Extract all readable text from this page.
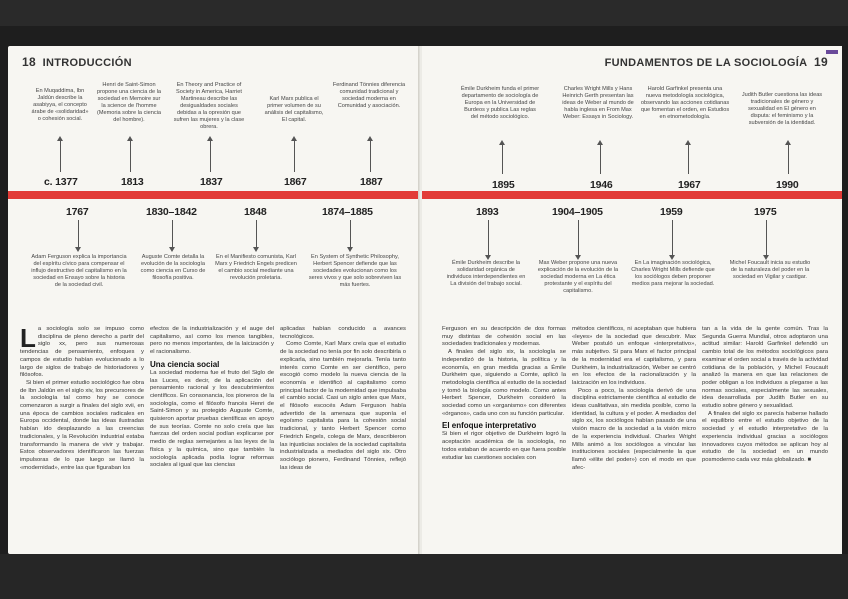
18 INTRODUCCIÓN
En Muqaddima, Ibn Jaldún describe la asabiyya, el concepto árabe de «solidaridad» o cohesión social.
c. 1377
Henri de Saint-Simon propone una ciencia de la sociedad en Memoire sur la science de l'homme (Memoria sobre la ciencia del hombre).
1813
En Theory and Practice of Society in America, Harriet Martineau describe las desigualdades sociales debidas a la opresión que sufren las mujeres y la clase obrera.
1837
Karl Marx publica el primer volumen de su análisis del capitalismo, El capital.
1867
Ferdinand Tönnies diferencia comunidad tradicional y sociedad moderna en Comunidad y asociación.
1887
1767
Adam Ferguson explica la importancia del espíritu cívico para compensar el influjo destructivo del capitalismo en la sociedad en Ensayo sobre la historia de la sociedad civil.
1830–1842
Auguste Comte detalla la evolución de la sociología como ciencia en Curso de filosofía positiva.
1848
En el Manifiesto comunista, Karl Marx y Friedrich Engels predicen el cambio social mediante una revolución proletaria.
1874–1885
En System of Synthetic Philosophy, Herbert Spencer defiende que las sociedades evolucionan como los seres vivos y que solo sobreviven las más fuertes.

La sociología solo se impuso como disciplina de pleno derecho a partir del siglo xx, pero sus numerosas tendencias de pensamiento, enfoques y campos de estudio habían evolucionado a lo largo de siglos de trabajo de historiadores y filósofos.

Si bien el primer estudio sociológico fue obra de Ibn Jaldún en el siglo xiv, los precursores de la sociología tal como hoy se conoce comenzaron a surgir a finales del siglo xvii, en una época de cambios sociales radicales en Europa occidental, donde las ideas ilustradas habían ido desplazando a las creencias tradicionales, y la Revolución industrial estaba transformando la manera de vivir y trabajar. Estos observadores identificaron las fuerzas impulsoras de lo que luego se llamó la «modernidad», entre las que figuraban los

efectos de la industrialización y el auge del capitalismo, así como los menos tangibles, pero no menos importantes, de la laicización y el racionalismo.

Una ciencia social

La sociedad moderna fue el fruto del Siglo de las Luces, es decir, de la aplicación del pensamiento racional y los descubrimientos científicos. En consonancia, los pioneros de la sociología, como el filósofo francés Henri de Saint-Simon y su protegido Auguste Comte, quisieron aportar pruebas científicas en apoyo de sus teorías. Comte no solo creía que las fuerzas del orden social podían explicarse por medio de reglas semejantes a las leyes de la física y la química, sino que también la sociología aplicada podía lograr reformas sociales al igual que las ciencias

aplicadas habían conducido a avances tecnológicos.

Como Comte, Karl Marx creía que el estudio de la sociedad no tenía por fin solo describirla o explicarla, sino también mejorarla. Tenía tanto interés como Comte en ser científico, pero escogió como modelo la nueva ciencia de la economía e identificó al capitalismo como principal factor de la modernidad que impulsaba el cambio social. Casi un siglo antes que Marx, el filósofo escocés Adam Ferguson había advertido de la amenaza que suponía el egoísmo capitalista para la cohesión social tradicional, y tanto Herbert Spencer como Friedrich Engels, colega de Marx, describieron las injusticias sociales de la sociedad capitalista industrializada a mediados del siglo xix. Otro sociólogo pionero, Ferdinand Tönnies, reflejó las ideas de

FUNDAMENTOS DE LA SOCIOLOGÍA 19
Émile Durkheim funda el primer departamento de sociología de Europa en la Universidad de Burdeos y publica Las reglas del método sociológico.
1895
Charles Wright Mills y Hans Heinrich Gerth presentan las ideas de Weber al mundo de habla inglesa en From Max Weber: Essays in Sociology.
1946
Harold Garfinkel presenta una nueva metodología sociológica, observando las acciones cotidianas que fomentan el orden, en Estudios en etnometodología.
1967
Judith Butler cuestiona las ideas tradicionales de género y sexualidad en El género en disputa: el feminismo y la subversión de la identidad.
1990
1893
Émile Durkheim describe la solidaridad orgánica de individuos interdependientes en La división del trabajo social.
1904–1905
Max Weber propone una nueva explicación de la evolución de la sociedad moderna en La ética protestante y el espíritu del capitalismo.
1959
En La imaginación sociológica, Charles Wright Mills defiende que los sociólogos deben proponer medios para mejorar la sociedad.
1975
Michel Foucault inicia su estudio de la naturaleza del poder en la sociedad en Vigilar y castigar.

Ferguson en su descripción de dos formas muy distintas de cohesión social en las sociedades tradicionales y modernas.

A finales del siglo xix, la sociología se independizó de la historia, la política y la economía, en gran medida gracias a Émile Durkheim que, siguiendo a Comte, aplicó la metodología científica al estudio de la sociedad y tomó la biología como modelo. Como antes Herbert Spencer, Durkheim consideró la sociedad como un «organismo» con diferentes «órganos», cada uno con su función particular.

El enfoque interpretativo

Si bien el rigor objetivo de Durkheim logró la aceptación académica de la sociología, no todos estaban de acuerdo en que fuera posible estudiar las cuestiones sociales con

métodos científicos, ni aceptaban que hubiera «leyes» de la sociedad que descubrir. Max Weber postuló un enfoque «interpretativo», más subjetivo. Si para Marx el factor principal de la modernidad era el capitalismo, y para Durkheim, la industrialización, Weber se centró en los efectos de la racionalización y la laicización en los individuos.

Poco a poco, la sociología derivó de una disciplina estrictamente científica al estudio de ideas cualitativas, sin medida posible, como la identidad, la cultura y el poder. A mediados del siglo xx, los sociólogos habían pasado de una visión macro de la sociedad a la visión micro de la experiencia individual. Charles Wright Mills animó a los sociólogos a vincular las instituciones sociales (especialmente la que llamó «élite del poder») con el modo en que afec-

tan a la vida de la gente común. Tras la Segunda Guerra Mundial, otros adoptaron una actitud similar: Harold Garfinkel defendió un cambio total de los métodos sociológicos para examinar el orden social a través de la actividad cotidiana de la población, y Michel Foucault analizó la manera en que las relaciones de poder obligan a los individuos a plegarse a las normas sociales, especialmente las sexuales, idea desarrollada por Judith Butler en su estudio sobre género y sexualidad.

A finales del siglo xx parecía haberse hallado el equilibrio entre el estudio objetivo de la sociedad y el estudio interpretativo de la experiencia individual gracias a sociólogos innovadores cuyos métodos se aplican hoy al estudio de la sociedad en un mundo posmoderno cada vez más globalizado. ■
